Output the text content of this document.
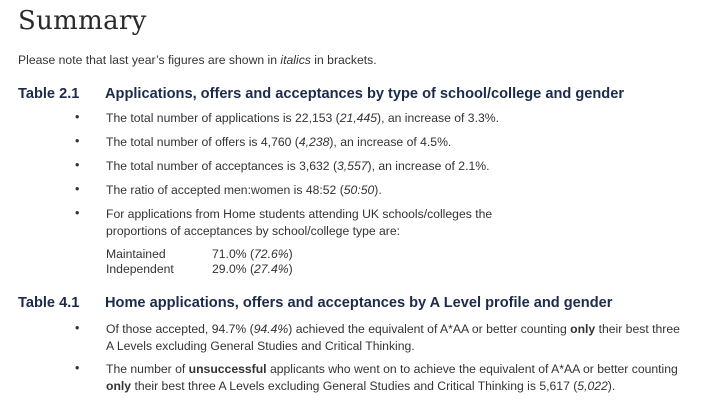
Summary
Please note that last year’s figures are shown in italics in brackets.
Table 2.1 Applications, offers and acceptances by type of school/college and gender
• The total number of applications is 22,153 (21,445), an increase of 3.3%.
• The total number of offers is 4,760 (4,238), an increase of 4.5%.
• The total number of acceptances is 3,632 (3,557), an increase of 2.1%.
• The ratio of accepted men:women is 48:52 (50:50).
• For applications from Home students attending UK schools/colleges the
proportions of acceptances by school/college type are:
Maintained	71.0% (72.6%)
Independent	29.0% (27.4%)
Table 4.1 Home applications, offers and acceptances by A Level profile and gender
• Of those accepted, 94.7% (94.4%) achieved the equivalent of A*AA or better counting only their best three
A Levels excluding General Studies and Critical Thinking.
• The number of unsuccessful applicants who went on to achieve the equivalent of A*AA or better counting
only their best three A Levels excluding General Studies and Critical Thinking is 5,617 (5,022).
